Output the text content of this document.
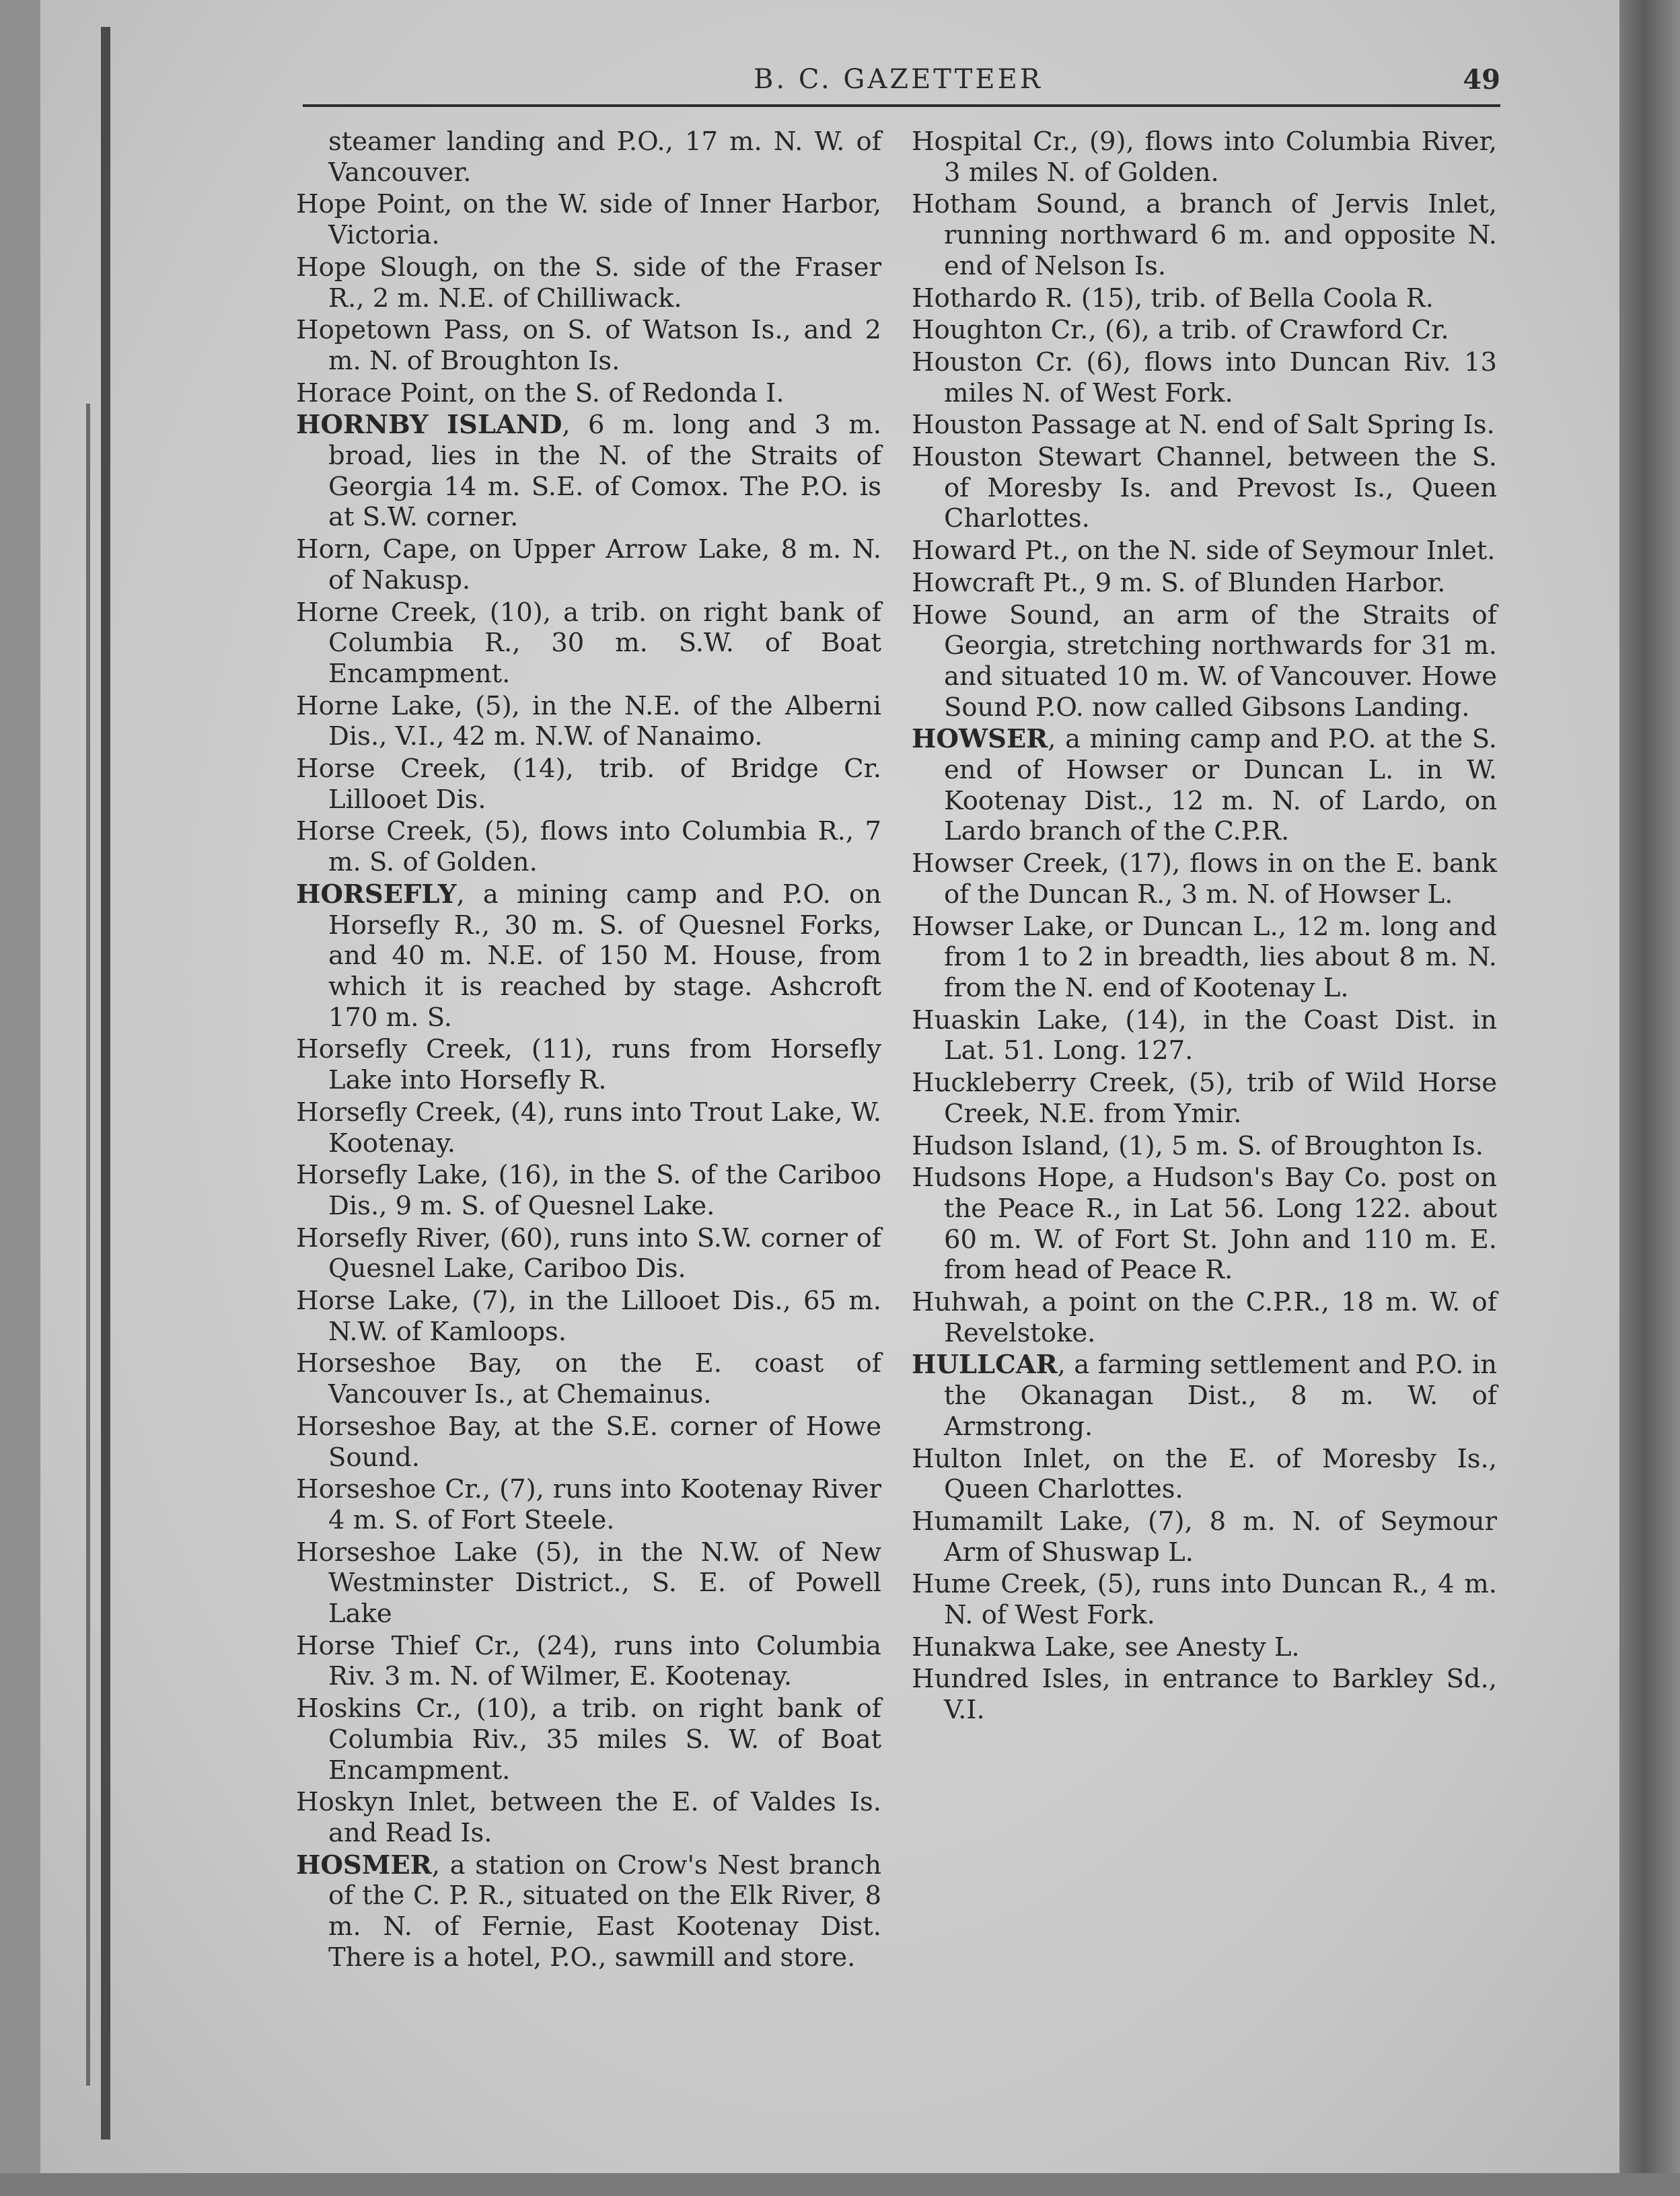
B. C. GAZETTEER	49

steamer landing and P.O., 17 m. N. W. of Vancouver.

Hope Point, on the W. side of Inner Harbor, Victoria.

Hope Slough, on the S. side of the Fraser R., 2 m. N.E. of Chilliwack.

Hopetown Pass, on S. of Watson Is., and 2 m. N. of Broughton Is.

Horace Point, on the S. of Redonda I.

HORNBY ISLAND, 6 m. long and 3 m. broad, lies in the N. of the Straits of Georgia 14 m. S.E. of Comox. The P.O. is at S.W. corner.

Horn, Cape, on Upper Arrow Lake, 8 m. N. of Nakusp.

Horne Creek, (10), a trib. on right bank of Columbia R., 30 m. S.W. of Boat Encampment.

Horne Lake, (5), in the N.E. of the Alberni Dis., V.I., 42 m. N.W. of Nanaimo.

Horse Creek, (14), trib. of Bridge Cr. Lillooet Dis.

Horse Creek, (5), flows into Columbia R., 7 m. S. of Golden.

HORSEFLY, a mining camp and P.O. on Horsefly R., 30 m. S. of Quesnel Forks, and 40 m. N.E. of 150 M. House, from which it is reached by stage. Ashcroft 170 m. S.

Horsefly Creek, (11), runs from Horsefly Lake into Horsefly R.

Horsefly Creek, (4), runs into Trout Lake, W. Kootenay.

Horsefly Lake, (16), in the S. of the Cariboo Dis., 9 m. S. of Quesnel Lake.

Horsefly River, (60), runs into S.W. corner of Quesnel Lake, Cariboo Dis.

Horse Lake, (7), in the Lillooet Dis., 65 m. N.W. of Kamloops.

Horseshoe Bay, on the E. coast of Vancouver Is., at Chemainus.

Horseshoe Bay, at the S.E. corner of Howe Sound.

Horseshoe Cr., (7), runs into Kootenay River 4 m. S. of Fort Steele.

Horseshoe Lake (5), in the N.W. of New Westminster District., S. E. of Powell Lake

Horse Thief Cr., (24), runs into Columbia Riv. 3 m. N. of Wilmer, E. Kootenay.

Hoskins Cr., (10), a trib. on right bank of Columbia Riv., 35 miles S. W. of Boat Encampment.

Hoskyn Inlet, between the E. of Valdes Is. and Read Is.

HOSMER, a station on Crow's Nest branch of the C. P. R., situated on the Elk River, 8 m. N. of Fernie, East Kootenay Dist. There is a hotel, P.O., sawmill and store.

Hospital Cr., (9), flows into Columbia River, 3 miles N. of Golden.

Hotham Sound, a branch of Jervis Inlet, running northward 6 m. and opposite N. end of Nelson Is.

Hothardo R. (15), trib. of Bella Coola R.

Houghton Cr., (6), a trib. of Crawford Cr.

Houston Cr. (6), flows into Duncan Riv. 13 miles N. of West Fork.

Houston Passage at N. end of Salt Spring Is.

Houston Stewart Channel, between the S. of Moresby Is. and Prevost Is., Queen Charlottes.

Howard Pt., on the N. side of Seymour Inlet.

Howcraft Pt., 9 m. S. of Blunden Harbor.

Howe Sound, an arm of the Straits of Georgia, stretching northwards for 31 m. and situated 10 m. W. of Vancouver. Howe Sound P.O. now called Gibsons Landing.

HOWSER, a mining camp and P.O. at the S. end of Howser or Duncan L. in W. Kootenay Dist., 12 m. N. of Lardo, on Lardo branch of the C.P.R.

Howser Creek, (17), flows in on the E. bank of the Duncan R., 3 m. N. of Howser L.

Howser Lake, or Duncan L., 12 m. long and from 1 to 2 in breadth, lies about 8 m. N. from the N. end of Kootenay L.

Huaskin Lake, (14), in the Coast Dist. in Lat. 51. Long. 127.

Huckleberry Creek, (5), trib of Wild Horse Creek, N.E. from Ymir.

Hudson Island, (1), 5 m. S. of Broughton Is.

Hudsons Hope, a Hudson's Bay Co. post on the Peace R., in Lat 56. Long 122. about 60 m. W. of Fort St. John and 110 m. E. from head of Peace R.

Huhwah, a point on the C.P.R., 18 m. W. of Revelstoke.

HULLCAR, a farming settlement and P.O. in the Okanagan Dist., 8 m. W. of Armstrong.

Hulton Inlet, on the E. of Moresby Is., Queen Charlottes.

Humamilt Lake, (7), 8 m. N. of Seymour Arm of Shuswap L.

Hume Creek, (5), runs into Duncan R., 4 m. N. of West Fork.

Hunakwa Lake, see Anesty L.

Hundred Isles, in entrance to Barkley Sd., V.I.
